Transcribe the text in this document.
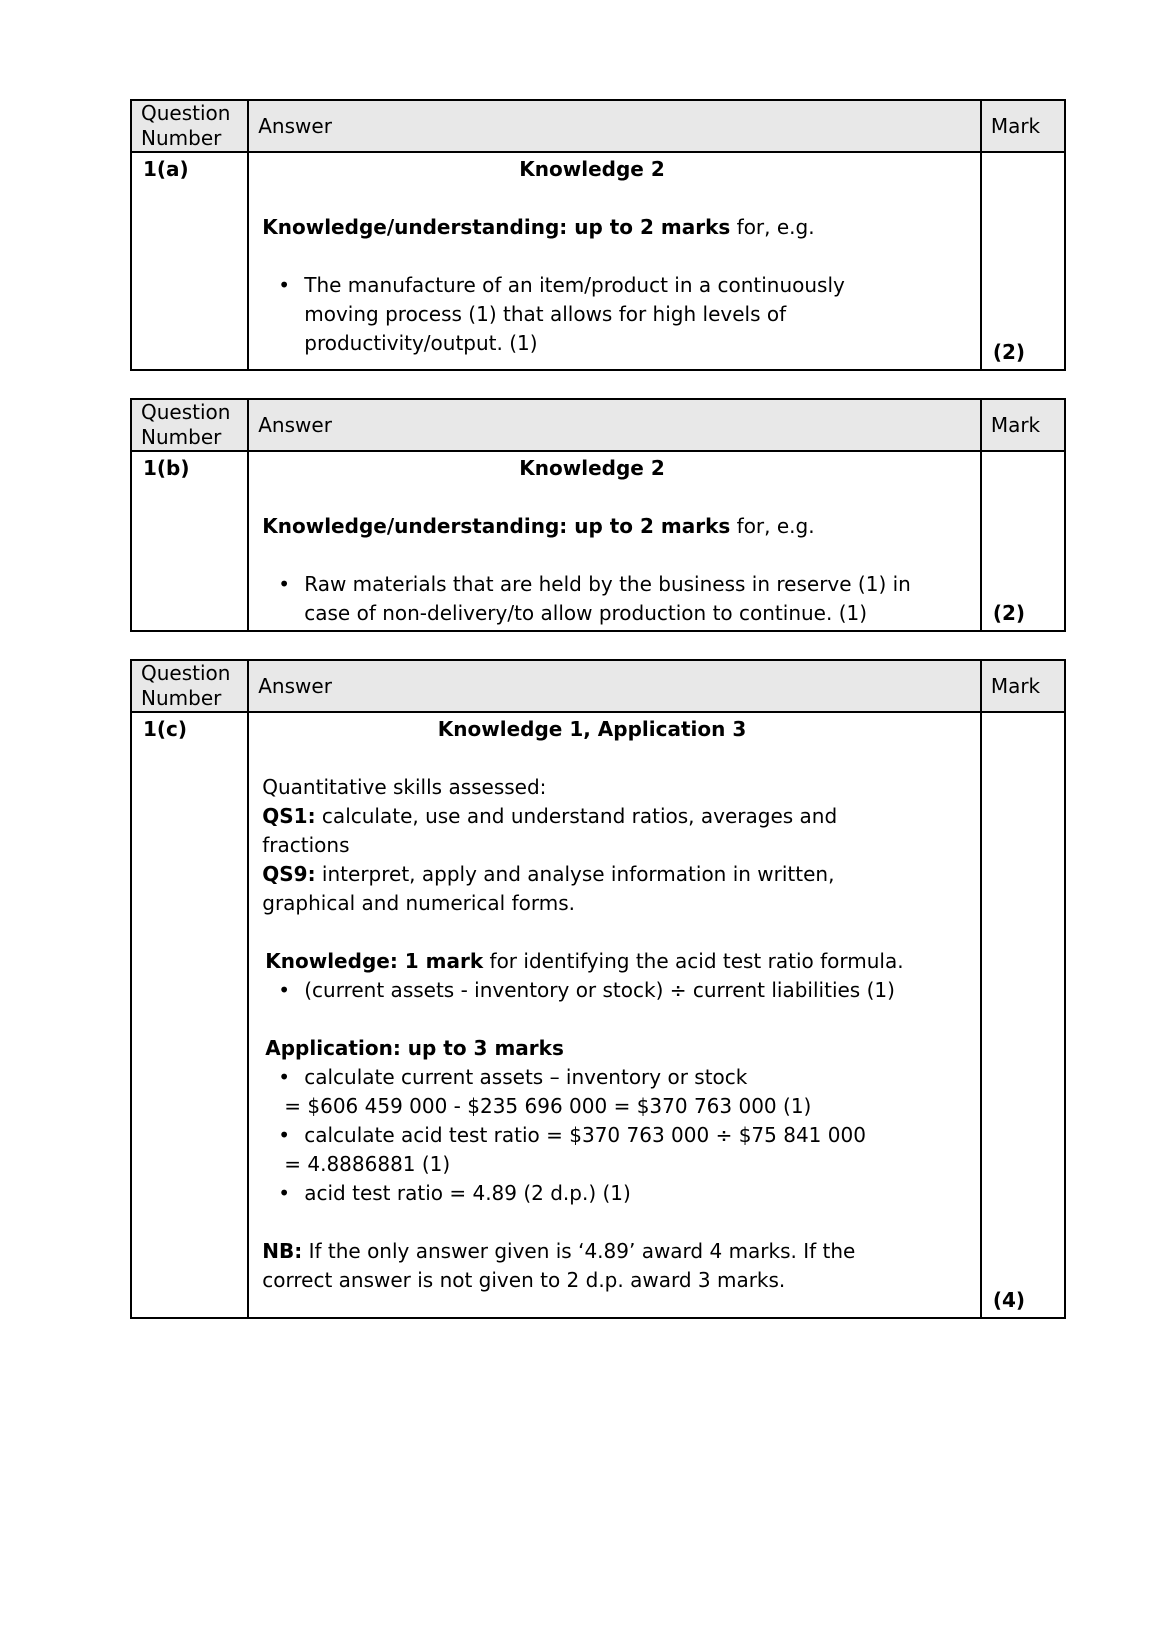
Question Number	Answer	Mark
1(a)	Knowledge 2
Knowledge/understanding: up to 2 marks for, e.g.
• The manufacture of an item/product in a continuously
moving process (1) that allows for high levels of
productivity/output. (1)	(2)
Question Number	Answer	Mark
1(b)	Knowledge 2
Knowledge/understanding: up to 2 marks for, e.g.
• Raw materials that are held by the business in reserve (1) in
case of non-delivery/to allow production to continue. (1)	(2)
Question Number	Answer	Mark
1(c)	Knowledge 1, Application 3
Quantitative skills assessed:
QS1: calculate, use and understand ratios, averages and
fractions
QS9: interpret, apply and analyse information in written,
graphical and numerical forms.
Knowledge: 1 mark for identifying the acid test ratio formula.
• (current assets - inventory or stock) ÷ current liabilities (1)
Application: up to 3 marks
• calculate current assets – inventory or stock
= $606 459 000 - $235 696 000 = $370 763 000 (1)
• calculate acid test ratio = $370 763 000 ÷ $75 841 000
= 4.8886881 (1)
• acid test ratio = 4.89 (2 d.p.) (1)
NB: If the only answer given is ‘4.89’ award 4 marks. If the
correct answer is not given to 2 d.p. award 3 marks.
	(4)
